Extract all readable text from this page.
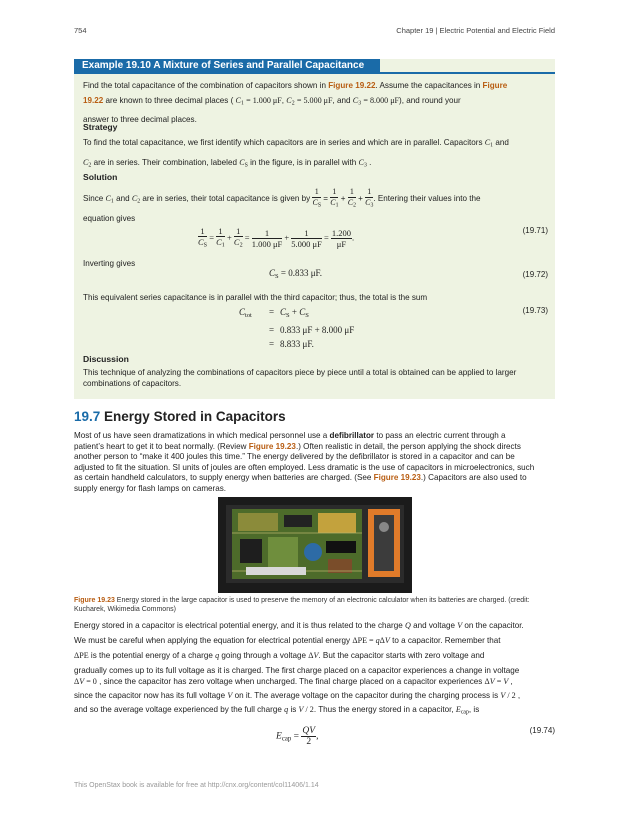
754	Chapter 19 | Electric Potential and Electric Field
Example 19.10 A Mixture of Series and Parallel Capacitance
Find the total capacitance of the combination of capacitors shown in Figure 19.22. Assume the capacitances in Figure
19.22 are known to three decimal places ( $C_1 = 1.000$ μF, $C_2 = 5.000$ μF, and $C_3 = 8.000$ μF), and round your
answer to three decimal places.
Strategy
To find the total capacitance, we first identify which capacitors are in series and which are in parallel. Capacitors $C_1$ and
$C_2$ are in series. Their combination, labeled $C_S$ in the figure, is in parallel with $C_3$ .
Solution
Since $C_1$ and $C_2$ are in series, their total capacitance is given by $\frac{1}{C_S} = \frac{1}{C_1} + \frac{1}{C_2} + \frac{1}{C_3}$ . Entering their values into the
equation gives
$\frac{1}{C_S} = \frac{1}{C_1} + \frac{1}{C_2} = \frac{1}{1.000 \mu F} + \frac{1}{5.000 \mu F} = \frac{1.200}{\mu F}$ .
(19.71)
Inverting gives
$C_S = 0.833$ μF.	(19.72)
This equivalent series capacitance is in parallel with the third capacitor; thus, the total is the sum
$C_{tot} = C_S + C_S$
= 0.833 μF + 8.000 μF
= 8.833 μF.
(19.73)
Discussion
This technique of analyzing the combinations of capacitors piece by piece until a total is obtained can be applied to larger
combinations of capacitors.
19.7 Energy Stored in Capacitors
Most of us have seen dramatizations in which medical personnel use a defibrillator to pass an electric current through a
patient’s heart to get it to beat normally. (Review Figure 19.23.) Often realistic in detail, the person applying the shock directs
another person to “make it 400 joules this time.” The energy delivered by the defibrillator is stored in a capacitor and can be
adjusted to fit the situation. SI units of joules are often employed. Less dramatic is the use of capacitors in microelectronics, such
as certain handheld calculators, to supply energy when batteries are charged. (See Figure 19.23.) Capacitors are also used to
supply energy for flash lamps on cameras.
Figure 19.23 Energy stored in the large capacitor is used to preserve the memory of an electronic calculator when its batteries are charged. (credit:
Kucharek, Wikimedia Commons)
Energy stored in a capacitor is electrical potential energy, and it is thus related to the charge Q and voltage V on the capacitor.
We must be careful when applying the equation for electrical potential energy ΔPE = qΔV to a capacitor. Remember that
ΔPE is the potential energy of a charge q going through a voltage ΔV. But the capacitor starts with zero voltage and
gradually comes up to its full voltage as it is charged. The first charge placed on a capacitor experiences a change in voltage
ΔV = 0 , since the capacitor has zero voltage when uncharged. The final charge placed on a capacitor experiences ΔV = V ,
since the capacitor now has its full voltage V on it. The average voltage on the capacitor during the charging process is V / 2 ,
and so the average voltage experienced by the full charge q is V / 2. Thus the energy stored in a capacitor, $E_{cap}$, is
$E_{cap} = \frac{QV}{2}$ ,
(19.74)
This OpenStax book is available for free at http://cnx.org/content/col11406/1.14
